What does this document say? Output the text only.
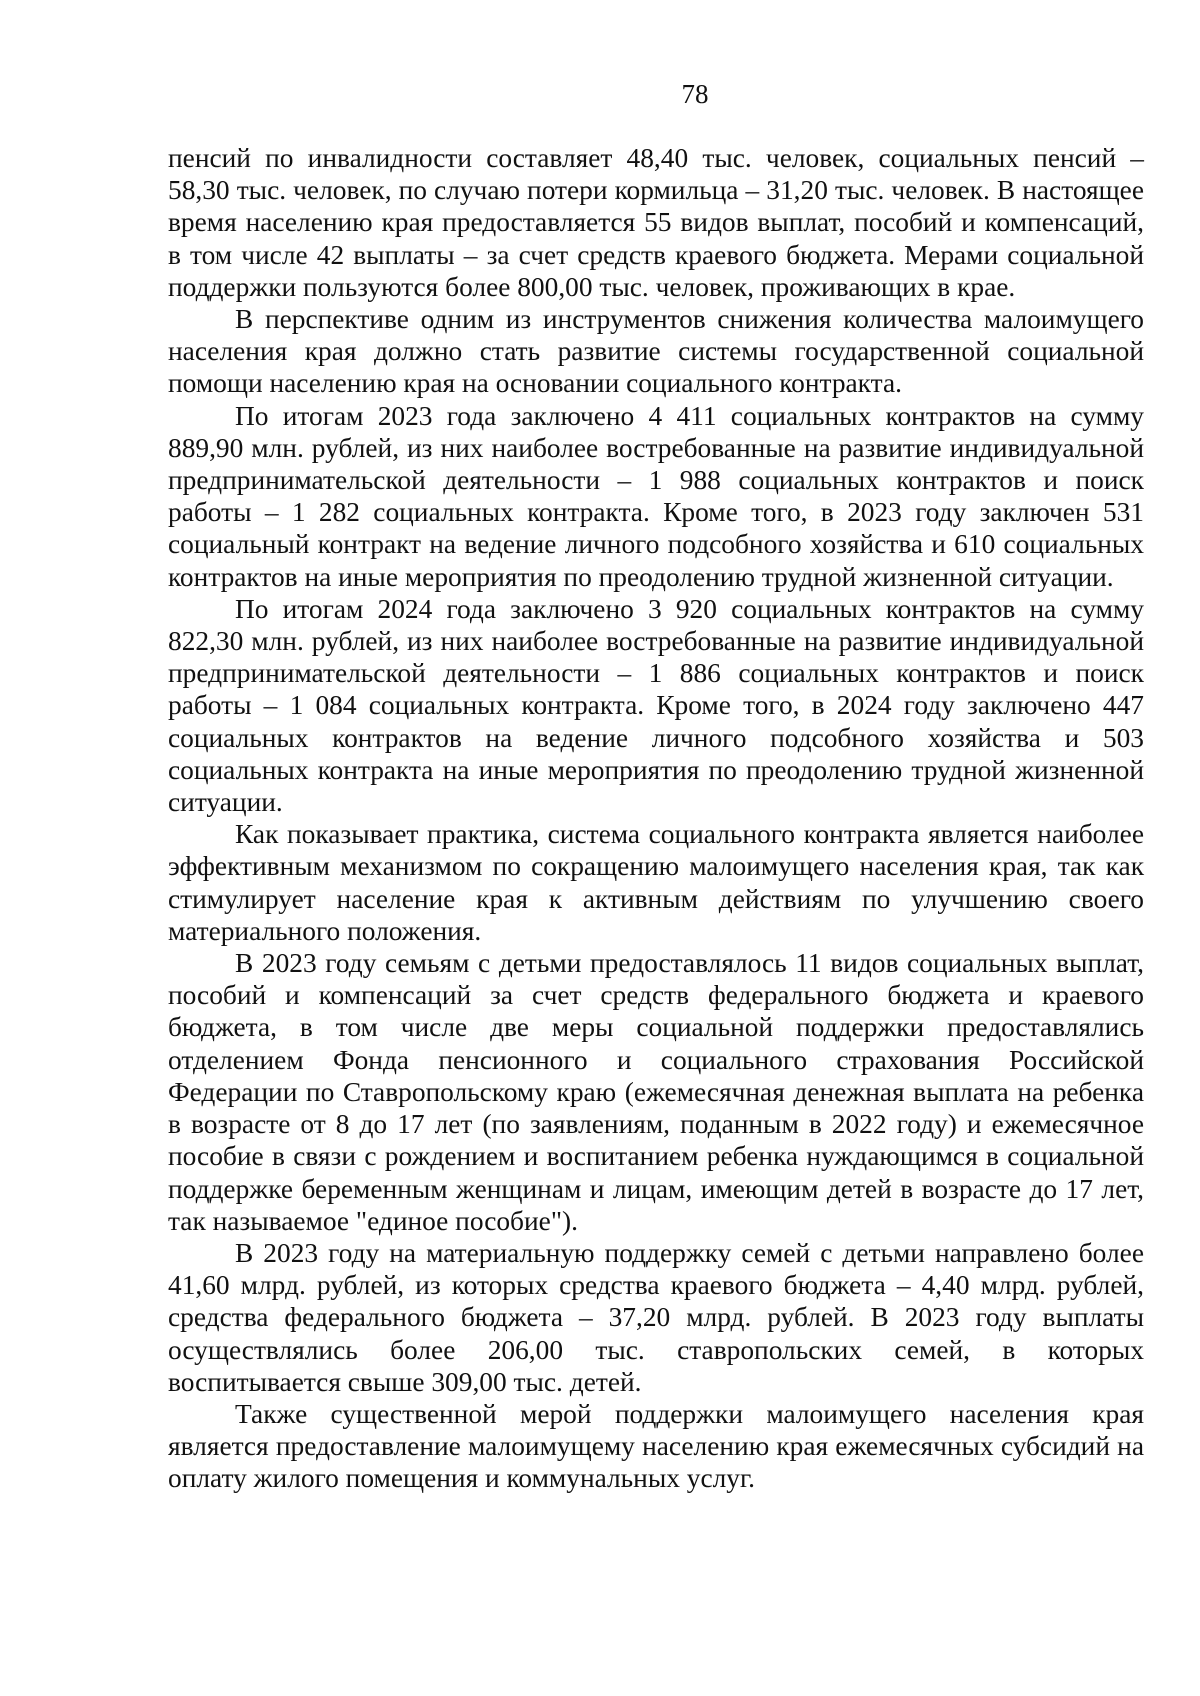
78

пенсий по инвалидности составляет 48,40 тыс. человек, социальных пенсий – 58,30 тыс. человек, по случаю потери кормильца – 31,20 тыс. человек. В настоящее время населению края предоставляется 55 видов выплат, пособий и компенсаций, в том числе 42 выплаты – за счет средств краевого бюджета. Мерами социальной поддержки пользуются более 800,00 тыс. человек, проживающих в крае.

В перспективе одним из инструментов снижения количества малоимущего населения края должно стать развитие системы государственной социальной помощи населению края на основании социального контракта.

По итогам 2023 года заключено 4 411 социальных контрактов на сумму 889,90 млн. рублей, из них наиболее востребованные на развитие индивидуальной предпринимательской деятельности – 1 988 социальных контрактов и поиск работы – 1 282 социальных контракта. Кроме того, в 2023 году заключен 531 социальный контракт на ведение личного подсобного хозяйства и 610 социальных контрактов на иные мероприятия по преодолению трудной жизненной ситуации.

По итогам 2024 года заключено 3 920 социальных контрактов на сумму 822,30 млн. рублей, из них наиболее востребованные на развитие индивидуальной предпринимательской деятельности – 1 886 социальных контрактов и поиск работы – 1 084 социальных контракта. Кроме того, в 2024 году заключено 447 социальных контрактов на ведение личного подсобного хозяйства и 503 социальных контракта на иные мероприятия по преодолению трудной жизненной ситуации.

Как показывает практика, система социального контракта является наиболее эффективным механизмом по сокращению малоимущего населения края, так как стимулирует население края к активным действиям по улучшению своего материального положения.

В 2023 году семьям с детьми предоставлялось 11 видов социальных выплат, пособий и компенсаций за счет средств федерального бюджета и краевого бюджета, в том числе две меры социальной поддержки предоставлялись отделением Фонда пенсионного и социального страхования Российской Федерации по Ставропольскому краю (ежемесячная денежная выплата на ребенка в возрасте от 8 до 17 лет (по заявлениям, поданным в 2022 году) и ежемесячное пособие в связи с рождением и воспитанием ребенка нуждающимся в социальной поддержке беременным женщинам и лицам, имеющим детей в возрасте до 17 лет, так называемое "единое пособие").

В 2023 году на материальную поддержку семей с детьми направлено более 41,60 млрд. рублей, из которых средства краевого бюджета – 4,40 млрд. рублей, средства федерального бюджета – 37,20 млрд. рублей. В 2023 году выплаты осуществлялись более 206,00 тыс. ставропольских семей, в которых воспитывается свыше 309,00 тыс. детей.

Также существенной мерой поддержки малоимущего населения края является предоставление малоимущему населению края ежемесячных субсидий на оплату жилого помещения и коммунальных услуг.
